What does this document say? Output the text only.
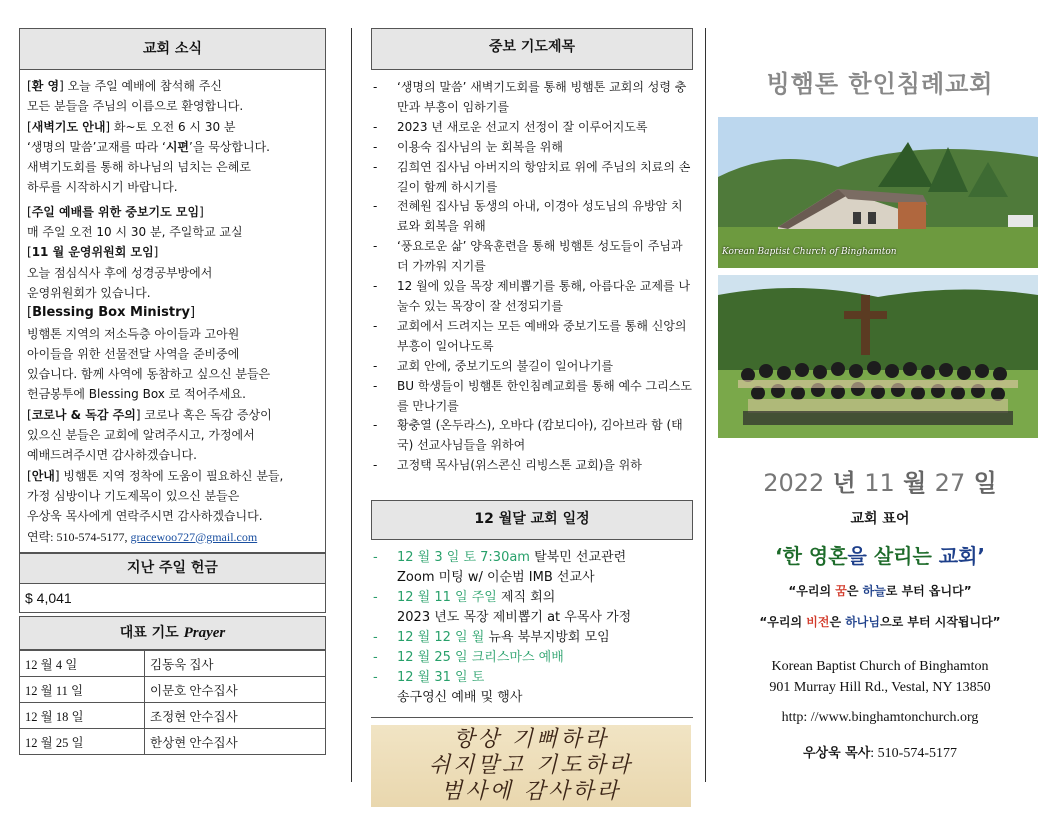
교회 소식

[환 영] 오늘 주일 예배에 참석해 주신

모든 분들을 주님의 이름으로 환영합니다.

[새벽기도 안내] 화~토 오전 6 시 30 분

‘생명의 말씀’교재를 따라 ‘시편’을 묵상합니다.

새벽기도회를 통해 하나님의 넘치는 은혜로

하루를 시작하시기 바랍니다.

[주일 예배를 위한 중보기도 모임]

매 주일 오전 10 시 30 분, 주일학교 교실

[11 월 운영위원회 모임]

오늘 점심식사 후에 성경공부방에서

운영위원회가 있습니다.

[Blessing Box Ministry]

빙햄톤 지역의 저소득층 아이들과 고아원

아이들을 위한 선물전달 사역을 준비중에

있습니다. 함께 사역에 동참하고 싶으신 분들은

헌금봉투에 Blessing Box 로 적어주세요.

[코로나 & 독감 주의] 코로나 혹은 독감 증상이

있으신 분들은 교회에 알려주시고, 가정에서

예배드려주시면 감사하겠습니다.

[안내] 빙햄톤 지역 정착에 도움이 필요하신 분들,

가정 심방이나 기도제목이 있으신 분들은

우상욱 목사에게 연락주시면 감사하겠습니다.

연락: 510-574-5177, gracewoo727@gmail.com

지난 주일 헌금
$ 4,041
대표 기도 Prayer
12 월 4 일	김동욱 집사
12 월 11 일	이문호 안수집사
12 월 18 일	조정현 안수집사
12 월 25 일	한상현 안수집사
중보 기도제목
- ‘생명의 말씀’ 새벽기도회를 통해 빙햄톤 교회의 성령 충만과 부흥이 임하기를
- 2023 년 새로운 선교지 선정이 잘 이루어지도록
- 이용숙 집사님의 눈 회복을 위해
- 김희연 집사님 아버지의 항암치료 위에 주님의 치료의 손길이 함께 하시기를
- 전혜원 집사님 동생의 아내, 이경아 성도님의 유방암 치료와 회복을 위해
- ‘풍요로운 삶’ 양육훈련을 통해 빙햄톤 성도들이 주님과 더 가까워 지기를
- 12 월에 있을 목장 제비뽑기를 통해, 아름다운 교제를 나눌수 있는 목장이 잘 선정되기를
- 교회에서 드려지는 모든 예배와 중보기도를 통해 신앙의 부흥이 일어나도록
- 교회 안에, 중보기도의 불길이 일어나기를
- BU 학생들이 빙햄톤 한인침례교회를 통해 예수 그리스도를 만나기를
- 황충열 (온두라스), 오바다 (캄보디아), 김아브라 함 (태국) 선교사님들을 위하여
- 고정택 목사님(위스콘신 리빙스톤 교회)을 위하
12 월달 교회 일정
- 12 월 3 일 토 7:30am 탈북민 선교관련
Zoom 미팅 w/ 이순범 IMB 선교사
- 12 월 11 일 주일 제직 회의
2023 년도 목장 제비뽑기 at 우목사 가정
- 12 월 12 일 월 뉴욕 북부지방회 모임
- 12 월 25 일 크리스마스 예배
- 12 월 31 일 토
송구영신 예배 및 행사
항상 기뻐하라
쉬지말고 기도하라
범사에 감사하라
빙햄톤 한인침례교회
Korean Baptist Church of Binghamton
2022 년 11 월 27 일
교회 표어
‘한 영혼을 살리는 교회’
“우리의 꿈은 하늘로 부터 옵니다”
“우리의 비전은 하나님으로 부터 시작됩니다”
Korean Baptist Church of Binghamton
901 Murray Hill Rd., Vestal, NY 13850
http: //www.binghamtonchurch.org
우상욱 목사: 510-574-5177
